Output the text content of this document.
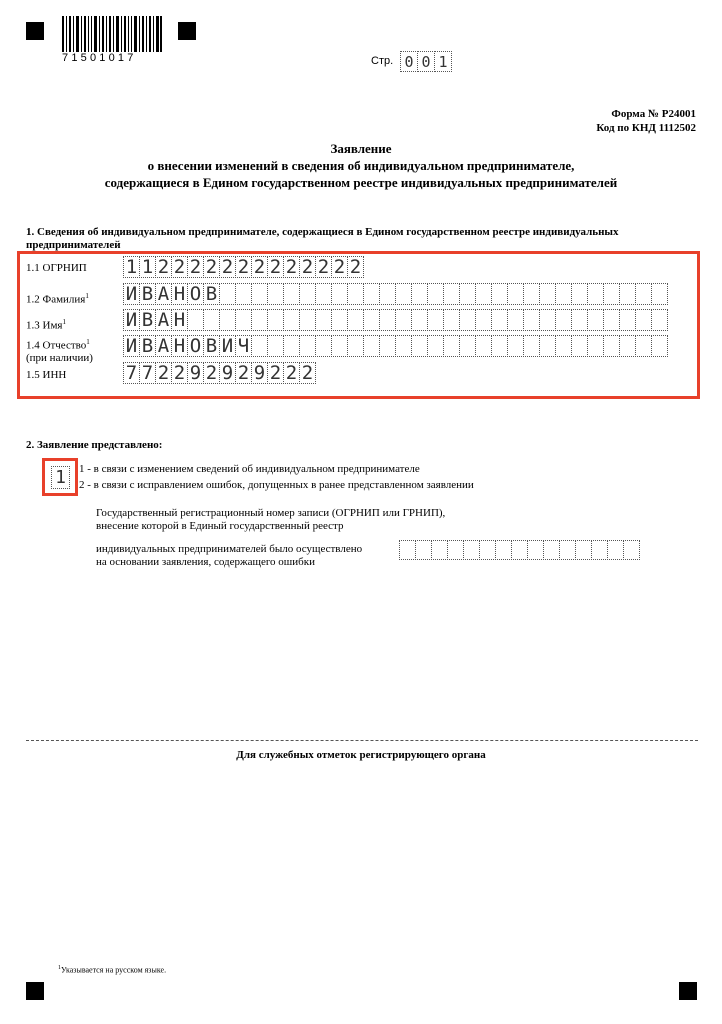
71501017	Стр. 0 0 1
Форма № Р24001
Код по КНД 1112502
Заявление
о внесении изменений в сведения об индивидуальном предпринимателе,
содержащиеся в Едином государственном реестре индивидуальных предпринимателей
1. Сведения об индивидуальном предпринимателе, содержащиеся в Едином государственном реестре индивидуальных
предпринимателей
1.1 ОГРНИП 1 1 2 2 2 2 2 2 2 2 2 2 2 2 2
1.2 Фамилия$^1$ И В А Н О В
1.3 Имя$^1$	И В А Н
1.4 Отчество$^1$
(при наличии)
И В А Н О В И Ч
1.5 ИНН	7 7 2 2 9 2 9 2 9 2 2 2
2. Заявление представлено:
1	1 - в связи с изменением сведений об индивидуальном предпринимателе
2 - в связи с исправлением ошибок, допущенных в ранее представленном заявлении
Государственный регистрационный номер записи (ОГРНИП или ГРНИП),
внесение которой в Единый государственный реестр
индивидуальных предпринимателей было осуществлено
на основании заявления, содержащего ошибки
Для служебных отметок регистрирующего органа
$^1$Указывается на русском языке.
